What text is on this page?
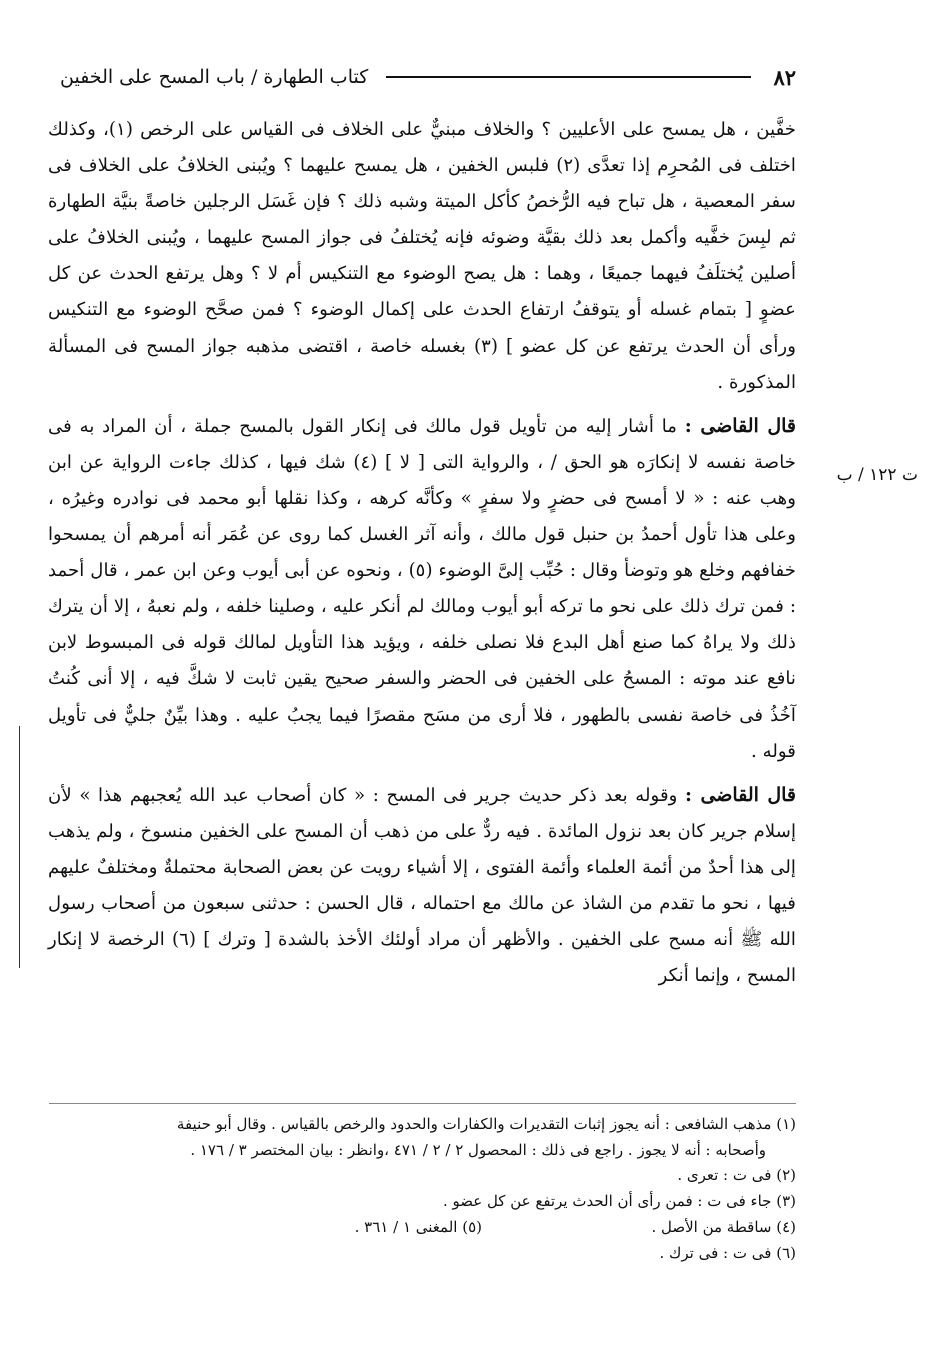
٨٢
كتاب الطهارة / باب المسح على الخفين

خفَّين ، هل يمسح على الأعليين ؟ والخلاف مبنيٌّ على الخلاف فى القياس على الرخص (١)، وكذلك اختلف فى المُحرِم إذا تعدَّى (٢) فلبس الخفين ، هل يمسح عليهما ؟ ويُبنى الخلافُ على الخلاف فى سفر المعصية ، هل تباح فيه الرُّخصُ كأكل الميتة وشبه ذلك ؟ فإن غَسَل الرجلين خاصةً بنيَّة الطهارة ثم لبِسَ خفَّيه وأكمل بعد ذلك بقيَّة وضوئه فإنه يُختلفُ فى جواز المسح عليهما ، ويُبنى الخلافُ على أصلين يُختلَفُ فيهما جميعًا ، وهما : هل يصح الوضوء مع التنكيس أم لا ؟ وهل يرتفع الحدث عن كل عضوٍ [ بتمام غسله أو يتوقفُ ارتفاع الحدث على إكمال الوضوء ؟ فمن صحَّح الوضوء مع التنكيس ورأى أن الحدث يرتفع عن كل عضو ] (٣) بغسله خاصة ، اقتضى مذهبه جواز المسح فى المسألة المذكورة .

قال القاضى : ما أشار إليه من تأويل قول مالك فى إنكار القول بالمسح جملة ، أن المراد به فى خاصة نفسه لا إنكارَه هو الحق / ، والرواية التى [ لا ] (٤) شك فيها ، كذلك جاءت الرواية عن ابن وهب عنه : « لا أمسح فى حضرٍ ولا سفرٍ » وكأنَّه كرهه ، وكذا نقلها أبو محمد فى نوادره وغيرُه ، وعلى هذا تأول أحمدُ بن حنبل قول مالك ، وأنه آثر الغسل كما روى عن عُمَر أنه أمرهم أن يمسحوا خفافهم وخلع هو وتوضأ وقال : حُبِّب إلىَّ الوضوء (٥) ، ونحوه عن أبى أيوب وعن ابن عمر ، قال أحمد : فمن ترك ذلك على نحو ما تركه أبو أيوب ومالك لم أنكر عليه ، وصلينا خلفه ، ولم نعبهُ ، إلا أن يترك ذلك ولا يراهُ كما صنع أهل البدع فلا نصلى خلفه ، ويؤيد هذا التأويل لمالك قوله فى المبسوط لابن نافع عند موته : المسحُ على الخفين فى الحضر والسفر صحيح يقين ثابت لا شكَّ فيه ، إلا أنى كُنتُ آخُذُ فى خاصة نفسى بالطهور ، فلا أرى من مسَح مقصرًا فيما يجبُ عليه . وهذا بيِّنٌ جليٌّ فى تأويل قوله .

قال القاضى : وقوله بعد ذكر حديث جرير فى المسح : « كان أصحاب عبد الله يُعجبهم هذا » لأن إسلام جرير كان بعد نزول المائدة . فيه ردٌّ على من ذهب أن المسح على الخفين منسوخ ، ولم يذهب إلى هذا أحدٌ من أئمة العلماء وأئمة الفتوى ، إلا أشياء رويت عن بعض الصحابة محتملةٌ ومختلفٌ عليهم فيها ، نحو ما تقدم من الشاذ عن مالك مع احتماله ، قال الحسن : حدثنى سبعون من أصحاب رسول الله ﷺ أنه مسح على الخفين . والأظهر أن مراد أولئك الأخذ بالشدة [ وترك ] (٦) الرخصة لا إنكار المسح ، وإنما أنكر

ت ١٢٢ / ب
(١) مذهب الشافعى : أنه يجوز إثبات التقديرات والكفارات والحدود والرخص بالقياس . وقال أبو حنيفة
وأصحابه : أنه لا يجوز . راجع فى ذلك : المحصول ٢ / ٢ / ٤٧١ ،وانظر : بيان المختصر ٣ / ١٧٦ .
(٢) فى ت : تعرى .
(٣) جاء فى ت : فمن رأى أن الحدث يرتفع عن كل عضو .
(٤) ساقطة من الأصل .(٥) المغنى ١ / ٣٦١ .
(٦) فى ت : فى ترك .
